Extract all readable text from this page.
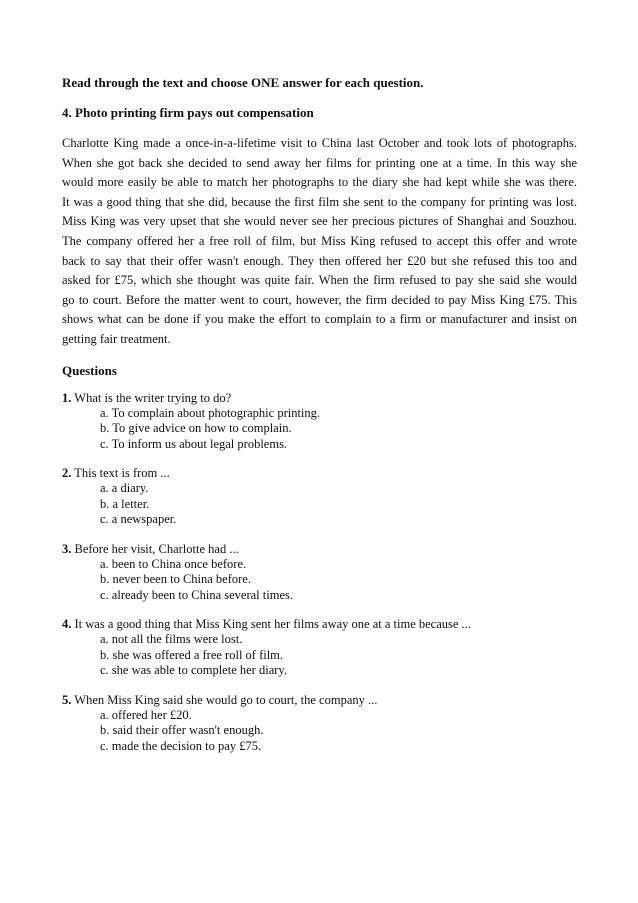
Read through the text and choose ONE answer for each question.
4. Photo printing firm pays out compensation
Charlotte King made a once-in-a-lifetime visit to China last October and took lots of photographs.
When she got back she decided to send away her films for printing one at a time. In this way she
would more easily be able to match her photographs to the diary she had kept while she was there.
It was a good thing that she did, because the first film she sent to the company for printing was lost.
Miss King was very upset that she would never see her precious pictures of Shanghai and Souzhou.
The company offered her a free roll of film, but Miss King refused to accept this offer and wrote
back to say that their offer wasn't enough. They then offered her £20 but she refused this too and
asked for £75, which she thought was quite fair. When the firm refused to pay she said she would
go to court. Before the matter went to court, however, the firm decided to pay Miss King £75. This
shows what can be done if you make the effort to complain to a firm or manufacturer and insist on
getting fair treatment.
Questions
1. What is the writer trying to do?
a. To complain about photographic printing.
b. To give advice on how to complain.
c. To inform us about legal problems.
2. This text is from ...
a. a diary.
b. a letter.
c. a newspaper.
3. Before her visit, Charlotte had ...
a. been to China once before.
b. never been to China before.
c. already been to China several times.
4. It was a good thing that Miss King sent her films away one at a time because ...
a. not all the films were lost.
b. she was offered a free roll of film.
c. she was able to complete her diary.
5. When Miss King said she would go to court, the company ...
a. offered her £20.
b. said their offer wasn't enough.
c. made the decision to pay £75.
